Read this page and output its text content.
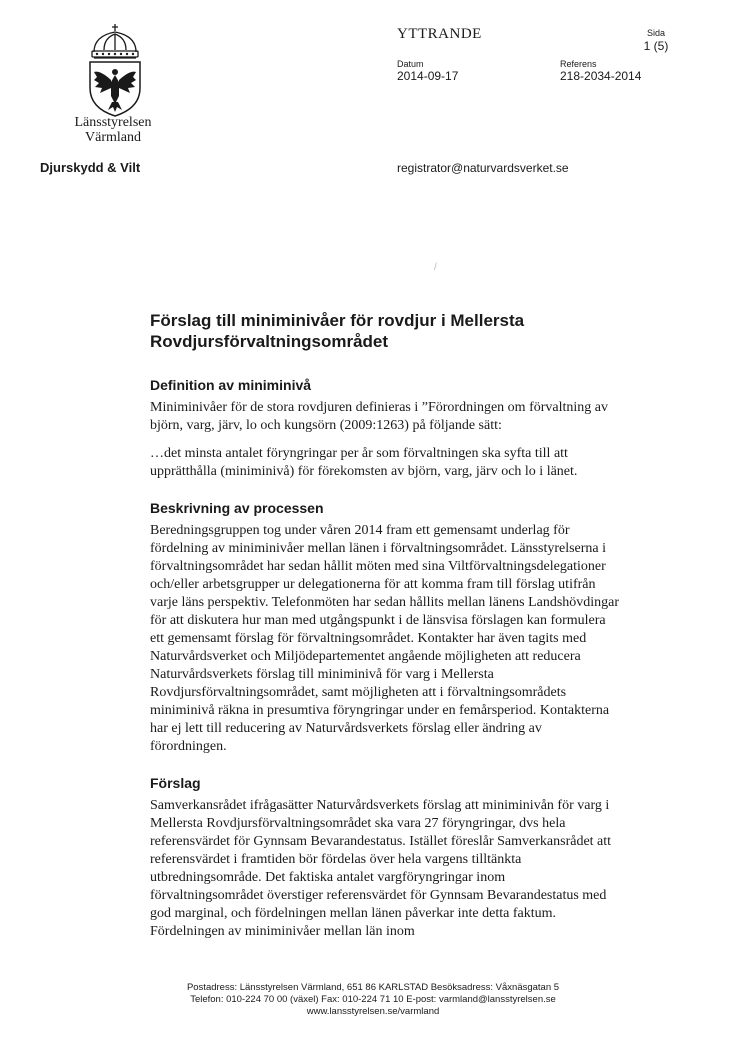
Länsstyrelsen
Värmland
Djurskydd & Vilt
YTTRANDE	Sida
1 (5)
Datum
2014-09-17
Referens
218-2034-2014
registrator@naturvardsverket.se
/
Förslag till miniminivåer för rovdjur i Mellersta Rovdjursförvaltningsområdet
Definition av miniminivå

Miniminivåer för de stora rovdjuren definieras i ”Förordningen om förvaltning av björn, varg, järv, lo och kungsörn (2009:1263) på följande sätt:

…det minsta antalet föryngringar per år som förvaltningen ska syfta till att upprätthålla (miniminivå) för förekomsten av björn, varg, järv och lo i länet.

Beskrivning av processen

Beredningsgruppen tog under våren 2014 fram ett gemensamt underlag för fördelning av miniminivåer mellan länen i förvaltningsområdet. Länsstyrelserna i förvaltningsområdet har sedan hållit möten med sina Viltförvaltningsdelegationer och/eller arbetsgrupper ur delegationerna för att komma fram till förslag utifrån varje läns perspektiv. Telefonmöten har sedan hållits mellan länens Landshövdingar för att diskutera hur man med utgångspunkt i de länsvisa förslagen kan formulera ett gemensamt förslag för förvaltningsområdet. Kontakter har även tagits med Naturvårdsverket och Miljödepartementet angående möjligheten att reducera Naturvårdsverkets förslag till miniminivå för varg i Mellersta Rovdjursförvaltningsområdet, samt möjligheten att i förvaltningsområdets miniminivå räkna in presumtiva föryngringar under en femårsperiod. Kontakterna har ej lett till reducering av Naturvårdsverkets förslag eller ändring av förordningen.

Förslag

Samverkansrådet ifrågasätter Naturvårdsverkets förslag att miniminivån för varg i Mellersta Rovdjursförvaltningsområdet ska vara 27 föryngringar, dvs hela referensvärdet för Gynnsam Bevarandestatus. Istället föreslår Samverkansrådet att referensvärdet i framtiden bör fördelas över hela vargens tilltänkta utbredningsområde. Det faktiska antalet vargföryngringar inom förvaltningsområdet överstiger referensvärdet för Gynnsam Bevarandestatus med god marginal, och fördelningen mellan länen påverkar inte detta faktum. Fördelningen av miniminivåer mellan län inom

Postadress: Länsstyrelsen Värmland, 651 86 KARLSTAD Besöksadress: Våxnäsgatan 5
Telefon: 010-224 70 00 (växel) Fax: 010-224 71 10 E-post: varmland@lansstyrelsen.se
www.lansstyrelsen.se/varmland
